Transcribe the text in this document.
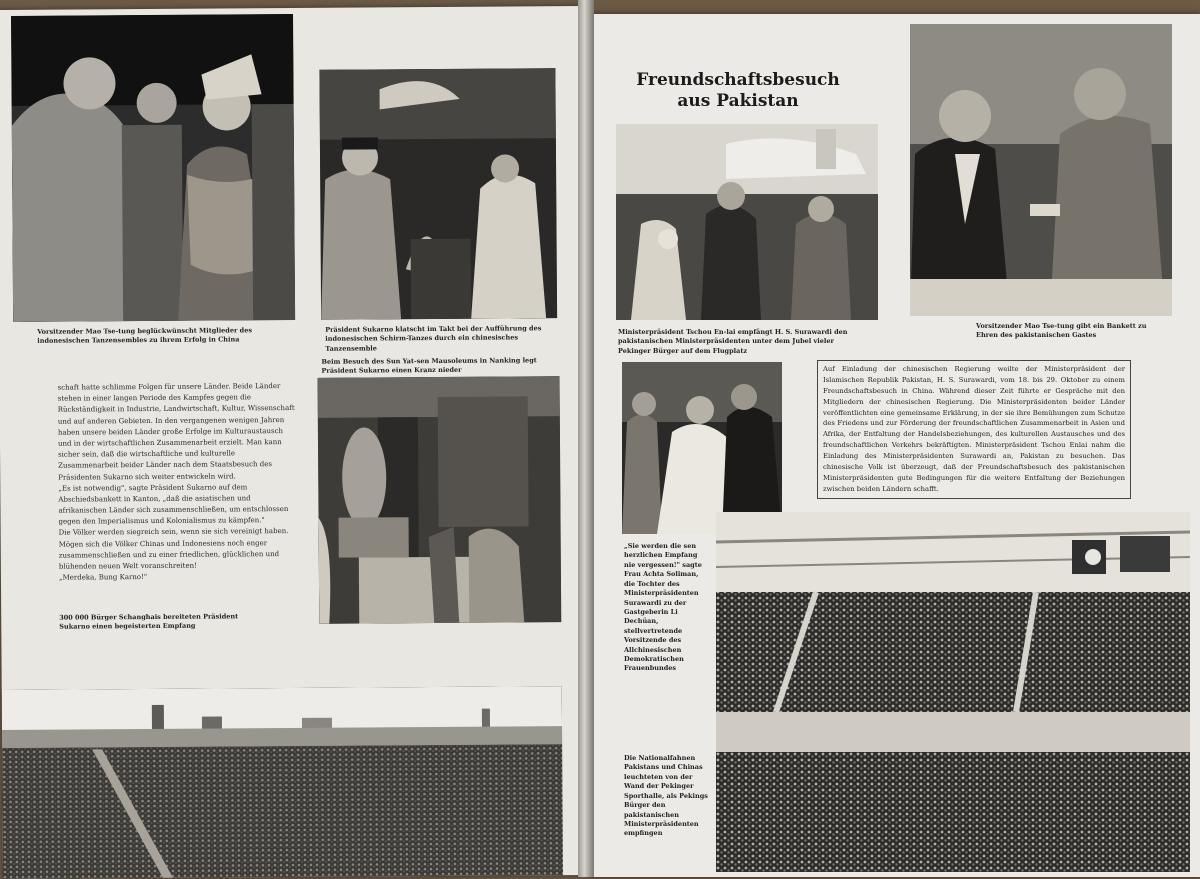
Vorsitzender Mao Tse-tung beglückwünscht Mitglieder des indonesischen Tanzensembles zu ihrem Erfolg in China
Präsident Sukarno klatscht im Takt bei der Aufführung des indonesischen Schirm-Tanzes durch ein chinesisches Tanzensemble
Beim Besuch des Sun Yat-sen Mausoleums in Nanking legt Präsident Sukarno einen Kranz nieder

schaft hatte schlimme Folgen für unsere Länder. Beide Länder stehen in einer langen Periode des Kampfes gegen die Rückständigkeit in Industrie, Landwirtschaft, Kultur, Wissenschaft und auf anderen Gebieten. In den vergangenen wenigen Jahren haben unsere beiden Länder große Erfolge im Kulturaustausch und in der wirtschaftlichen Zusammenarbeit erzielt. Man kann sicher sein, daß die wirtschaftliche und kulturelle Zusammenarbeit beider Länder nach dem Staatsbesuch des Präsidenten Sukarno sich weiter entwickeln wird.

„Es ist notwendig", sagte Präsident Sukarno auf dem Abschiedsbankett in Kanton, „daß die asiatischen und afrikanischen Länder sich zusammenschließen, um entschlossen gegen den Imperialismus und Kolonialismus zu kämpfen."

Die Völker werden siegreich sein, wenn sie sich vereinigt haben. Mögen sich die Völker Chinas und Indonesiens noch enger zusammenschließen und zu einer friedlichen, glücklichen und blühenden neuen Welt voranschreiten!

„Merdeka, Bung Karno!"

300 000 Bürger Schanghais bereiteten Präsident Sukarno einen begeisterten Empfang
Freundschaftsbesuch
aus Pakistan
Ministerpräsident Tschou En-lai empfängt H. S. Surawardi den pakistanischen Ministerpräsidenten unter dem Jubel vieler Pekinger Bürger auf dem Flugplatz
Vorsitzender Mao Tse-tung gibt ein Bankett zu Ehren des pakistanischen Gastes
Auf Einladung der chinesischen Regierung weilte der Ministerpräsident der Islamischen Republik Pakistan, H. S. Surawardi, vom 18. bis 29. Oktober zu einem Freundschaftsbesuch in China. Während dieser Zeit führte er Gespräche mit den Mitgliedern der chinesischen Regierung. Die Ministerpräsidenten beider Länder veröffentlichten eine gemeinsame Erklärung, in der sie ihre Bemühungen zum Schutze des Friedens und zur Förderung der freundschaftlichen Zusammenarbeit in Asien und Afrika, der Entfaltung der Handelsbeziehungen, des kulturellen Austausches und des freundschaftlichen Verkehrs bekräftigten. Ministerpräsident Tschou Enlai nahm die Einladung des Ministerpräsidenten Surawardi an, Pakistan zu besuchen. Das chinesische Volk ist überzeugt, daß der Freundschaftsbesuch des pakistanischen Ministerpräsidenten gute Bedingungen für die weitere Entfaltung der Beziehungen zwischen beiden Ländern schafft.
„Sie werden die sen herzlichen Empfang nie vergessen!" sagte Frau Achta Soliman, die Tochter des Ministerpräsidenten Surawardi zu der Gastgeberin Li Dechüan, stellvertretende Vorsitzende des Allchinesischen Demokratischen Frauenbundes
Die Nationalfahnen Pakistans und Chinas leuchteten von der Wand der Pekinger Sporthalle, als Pekings Bürger den pakistanischen Ministerpräsidenten empfingen
